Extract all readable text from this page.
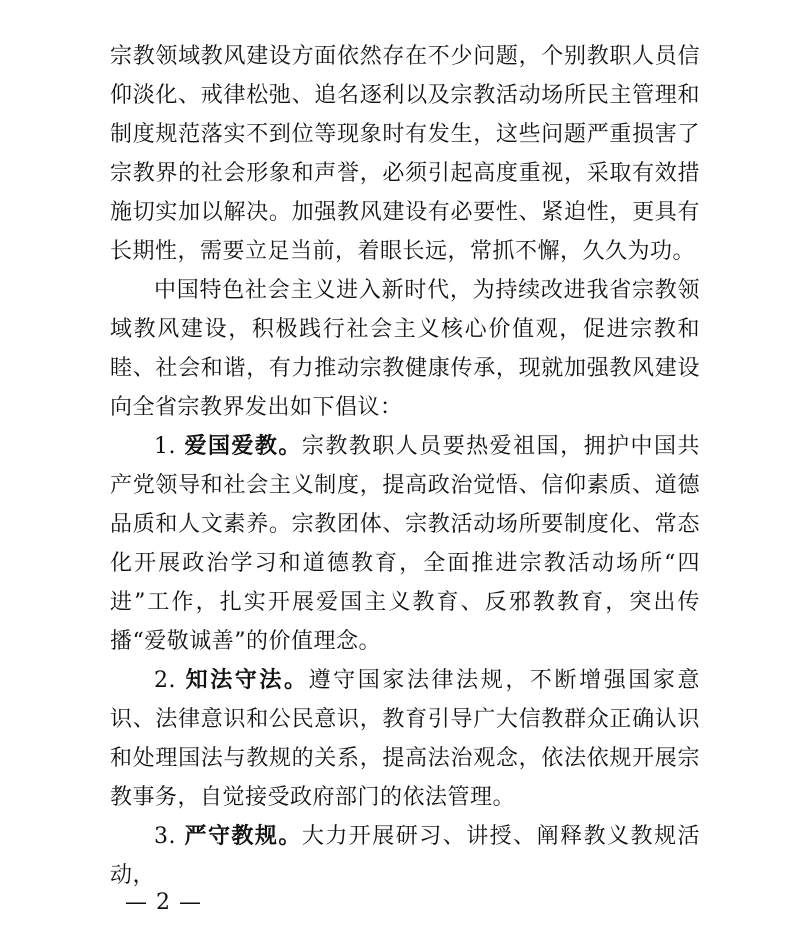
宗教领域教风建设方面依然存在不少问题，个别教职人员信仰淡化、戒律松弛、追名逐利以及宗教活动场所民主管理和制度规范落实不到位等现象时有发生，这些问题严重损害了宗教界的社会形象和声誉，必须引起高度重视，采取有效措施切实加以解决。加强教风建设有必要性、紧迫性，更具有长期性，需要立足当前，着眼长远，常抓不懈，久久为功。

中国特色社会主义进入新时代，为持续改进我省宗教领域教风建设，积极践行社会主义核心价值观，促进宗教和睦、社会和谐，有力推动宗教健康传承，现就加强教风建设向全省宗教界发出如下倡议：

1. 爱国爱教。宗教教职人员要热爱祖国，拥护中国共产党领导和社会主义制度，提高政治觉悟、信仰素质、道德品质和人文素养。宗教团体、宗教活动场所要制度化、常态化开展政治学习和道德教育，全面推进宗教活动场所“四进”工作，扎实开展爱国主义教育、反邪教教育，突出传播“爱敬诚善”的价值理念。

2. 知法守法。遵守国家法律法规，不断增强国家意识、法律意识和公民意识，教育引导广大信教群众正确认识和处理国法与教规的关系，提高法治观念，依法依规开展宗教事务，自觉接受政府部门的依法管理。

3. 严守教规。大力开展研习、讲授、阐释教义教规活动，

— 2 —
